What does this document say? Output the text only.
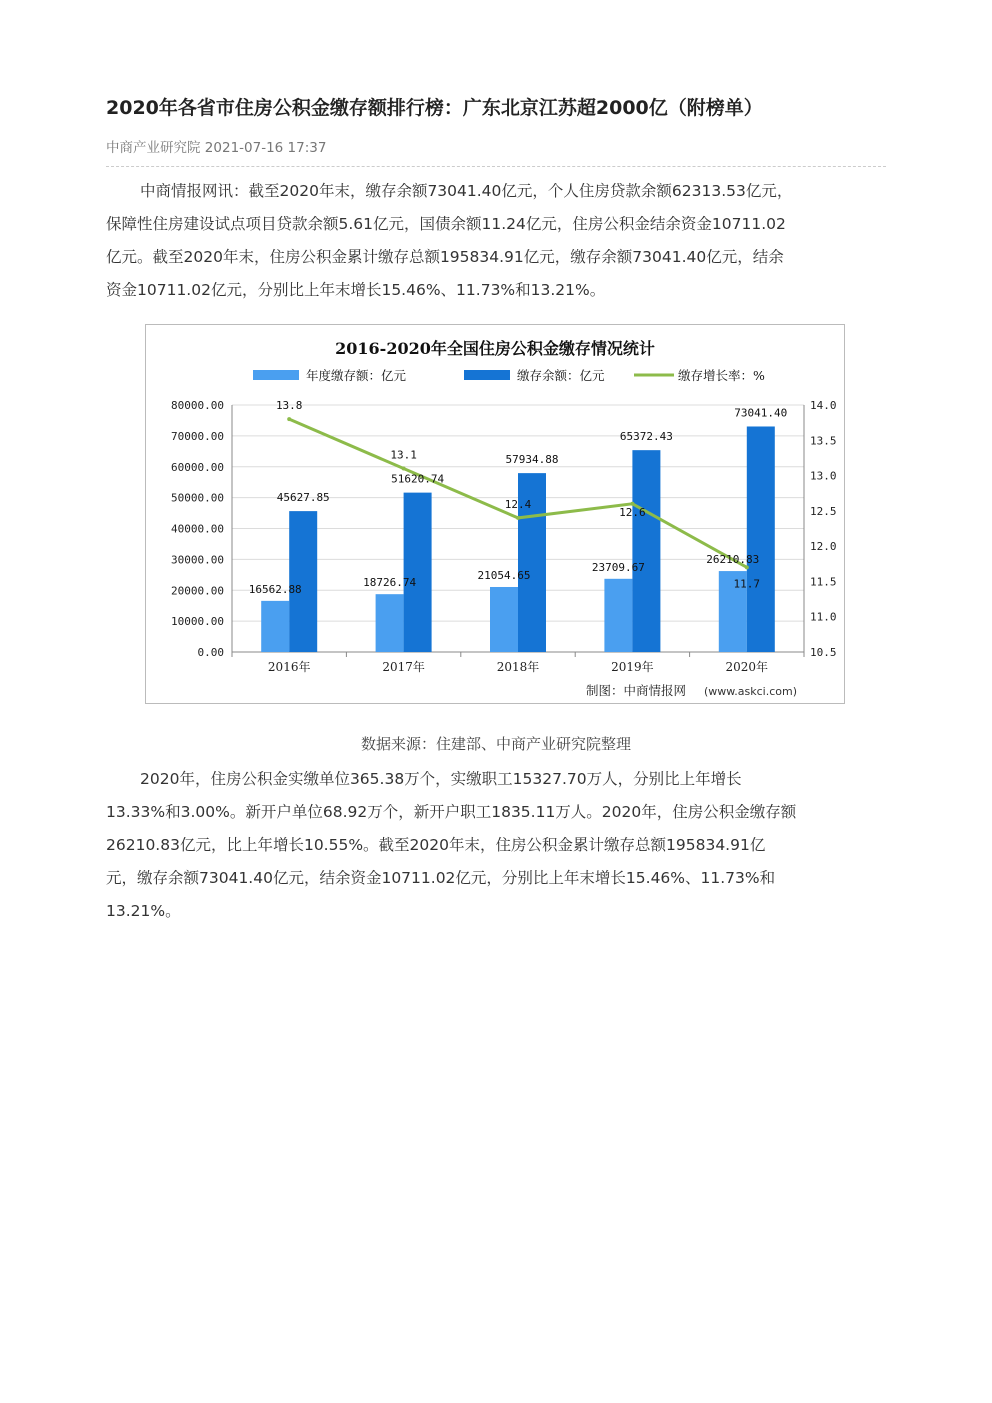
2020年各省市住房公积金缴存额排行榜：广东北京江苏超2000亿（附榜单）
中商产业研究院 2021-07-16 17:37

中商情报网讯：截至2020年末，缴存余额73041.40亿元，个人住房贷款余额62313.53亿元，
保障性住房建设试点项目贷款余额5.61亿元，国债余额11.24亿元，住房公积金结余资金10711.02
亿元。截至2020年末，住房公积金累计缴存总额195834.91亿元，缴存余额73041.40亿元，结余
资金10711.02亿元，分别比上年末增长15.46%、11.73%和13.21%。

数据来源：住建部、中商产业研究院整理

2020年，住房公积金实缴单位365.38万个，实缴职工15327.70万人，分别比上年增长
13.33%和3.00%。新开户单位68.92万个，新开户职工1835.11万人。2020年，住房公积金缴存额
26210.83亿元，比上年增长10.55%。截至2020年末，住房公积金累计缴存总额195834.91亿
元，缴存余额73041.40亿元，结余资金10711.02亿元，分别比上年末增长15.46%、11.73%和
13.21%。

2016-2020年全国住房公积金缴存情况统计
年度缴存额：亿元	缴存余额：亿元	缴存增长率：%
0.00
10000.00
20000.00
30000.00
40000.00
50000.00
60000.00
70000.00
80000.00
10.5
11.0
11.5
12.0
12.5
13.0
13.5
14.0
2016年	2017年	2018年	2019年	2020年
16562.88
45627.85
18726.74
51620.74
21054.65
57934.88
23709.67
65372.43
26210.83
73041.40
13.8
13.1
12.4
12.6
11.7
制图：中商情报网 (www.askci.com)
